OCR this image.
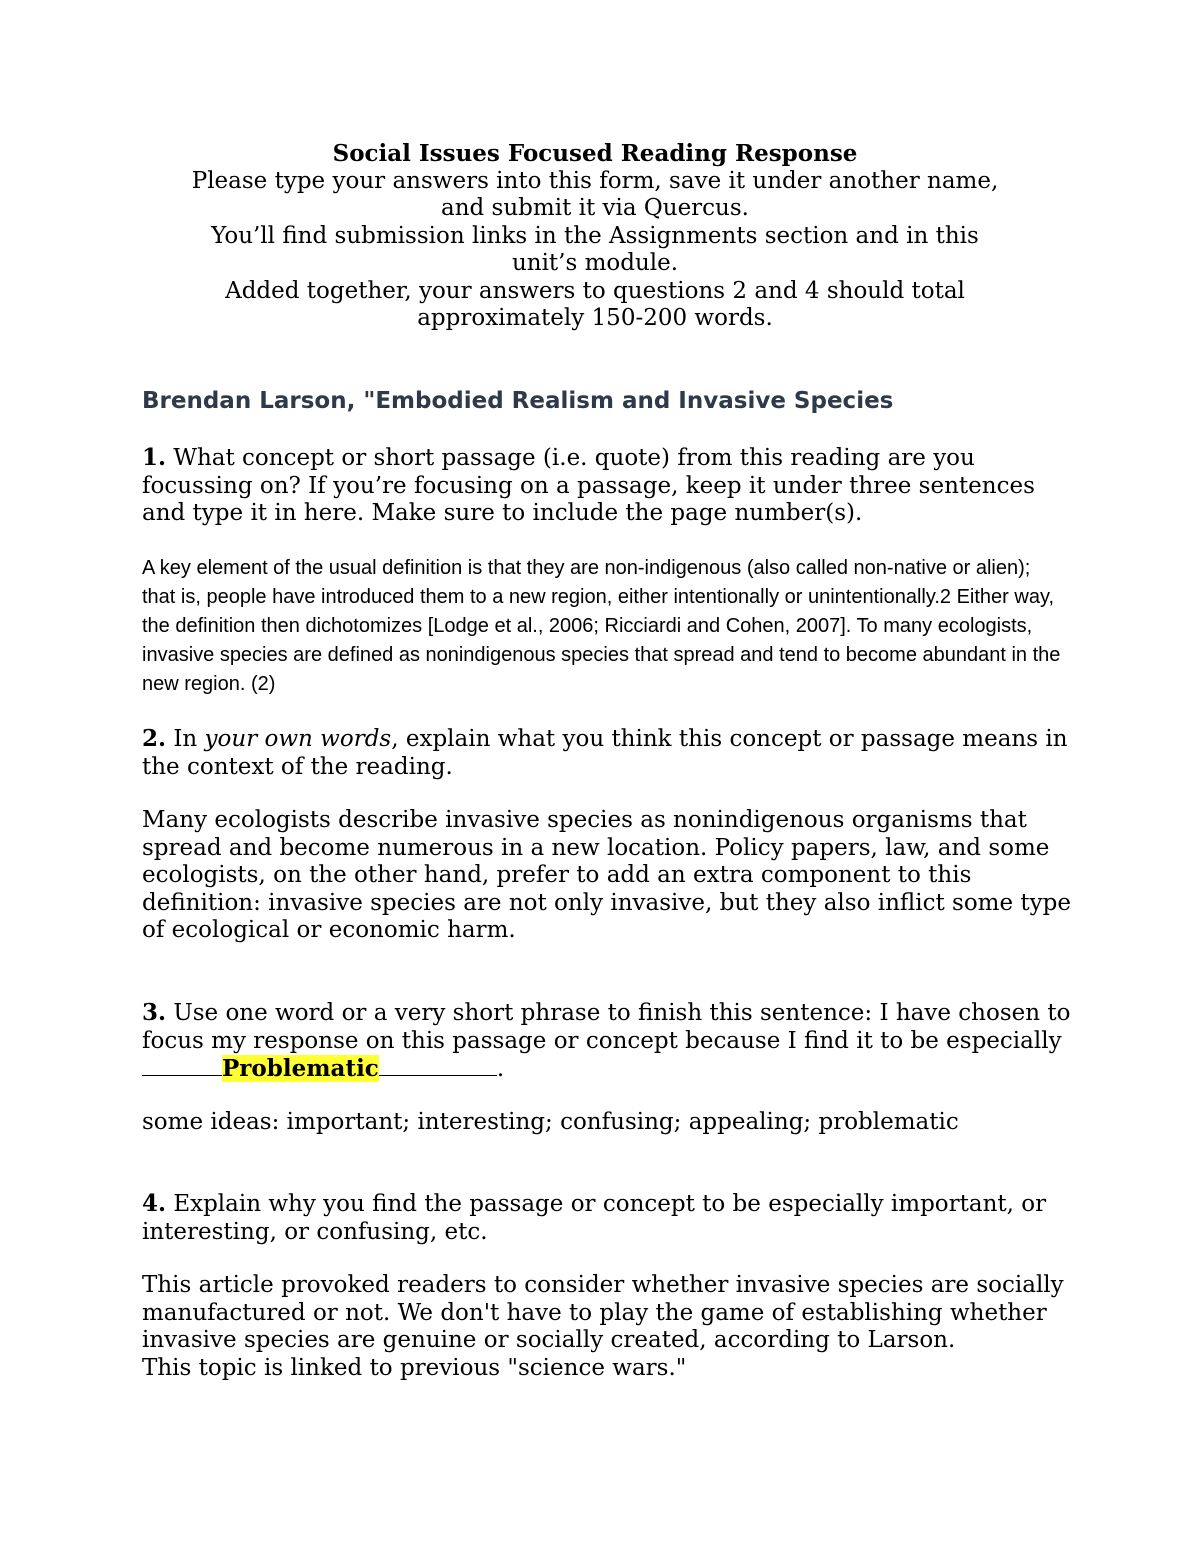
Social Issues Focused Reading Response

Please type your answers into this form, save it under another name, and submit it via Quercus.

You’ll find submission links in the Assignments section and in this unit’s module.

Added together, your answers to questions 2 and 4 should total approximately 150-200 words.

Brendan Larson, "Embodied Realism and Invasive Species

1. What concept or short passage (i.e. quote) from this reading are you focussing on? If you’re focusing on a passage, keep it under three sentences and type it in here. Make sure to include the page number(s).

A key element of the usual definition is that they are non-indigenous (also called non-native or alien); that is, people have introduced them to a new region, either intentionally or unintentionally.2 Either way, the definition then dichotomizes [Lodge et al., 2006; Ricciardi and Cohen, 2007]. To many ecologists, invasive species are defined as nonindigenous species that spread and tend to become abundant in the new region. (2)

2. In your own words, explain what you think this concept or passage means in the context of the reading.

Many ecologists describe invasive species as nonindigenous organisms that spread and become numerous in a new location. Policy papers, law, and some ecologists, on the other hand, prefer to add an extra component to this definition: invasive species are not only invasive, but they also inflict some type of ecological or economic harm.

3. Use one word or a very short phrase to finish this sentence: I have chosen to focus my response on this passage or concept because I find it to be especiallyProblematic	.

some ideas: important; interesting; confusing; appealing; problematic

4. Explain why you find the passage or concept to be especially important, or interesting, or confusing, etc.

This article provoked readers to consider whether invasive species are socially manufactured or not. We don't have to play the game of establishing whether invasive species are genuine or socially created, according to Larson.

This topic is linked to previous "science wars."
